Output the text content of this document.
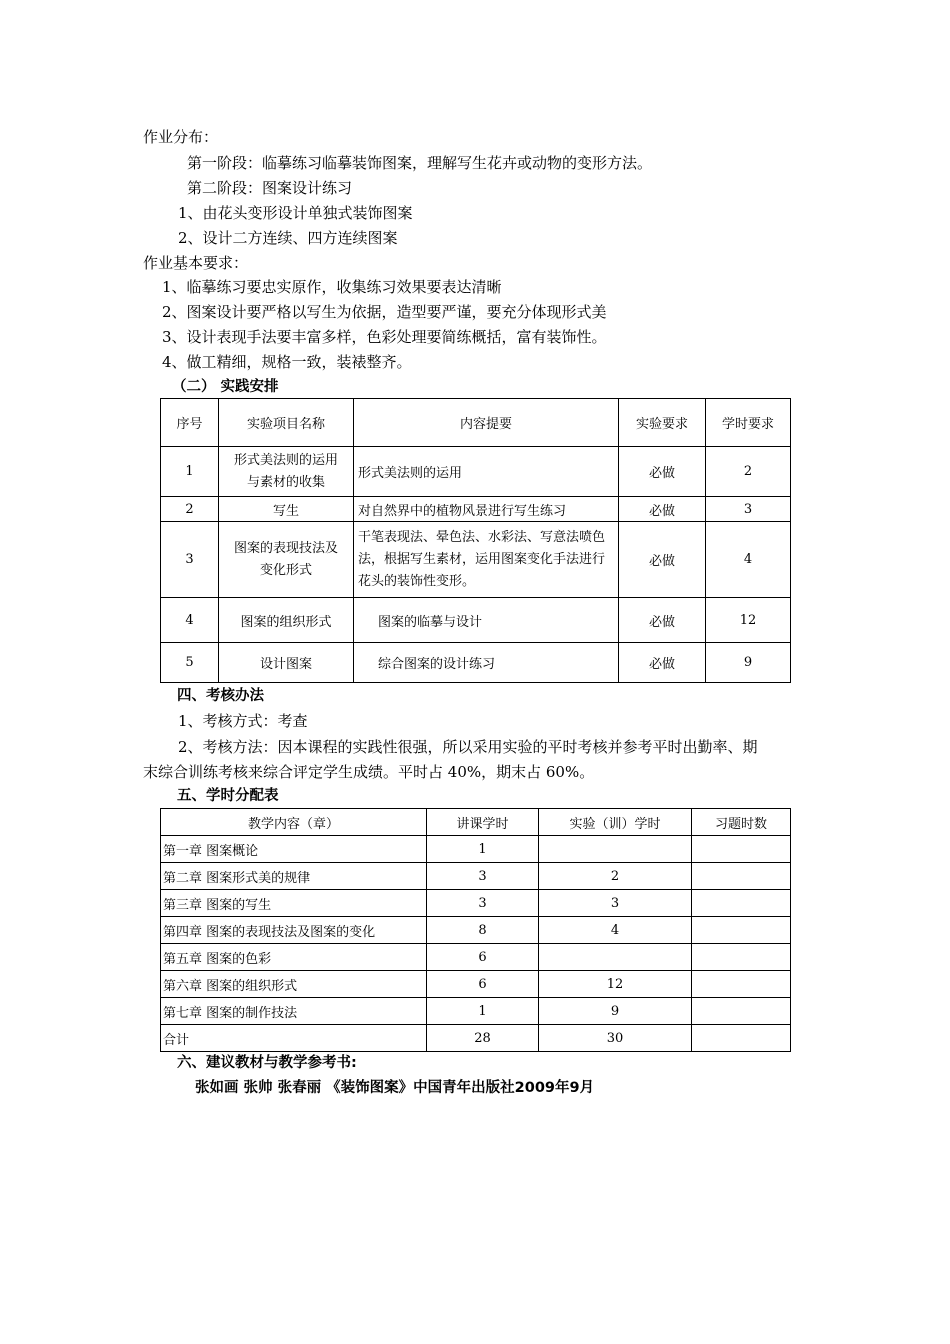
作业分布：
第一阶段：临摹练习临摹装饰图案，理解写生花卉或动物的变形方法。
第二阶段：图案设计练习
1、由花头变形设计单独式装饰图案
2、设计二方连续、四方连续图案
作业基本要求：
1、临摹练习要忠实原作，收集练习效果要表达清晰
2、图案设计要严格以写生为依据，造型要严谨，要充分体现形式美
3、设计表现手法要丰富多样，色彩处理要简练概括，富有装饰性。
4、做工精细，规格一致，装裱整齐。
（二） 实践安排
序号	实验项目名称	内容提要	实验要求	学时要求
1	形式美法则的运用与素材的收集	形式美法则的运用	必做	2
2	写生	对自然界中的植物风景进行写生练习	必做	3
3	图案的表现技法及变化形式	干笔表现法、晕色法、水彩法、写意法喷色法，根据写生素材，运用图案变化手法进行花头的装饰性变形。	必做	4
4	图案的组织形式	图案的临摹与设计	必做	12
5	设计图案	综合图案的设计练习	必做	9
四、考核办法
1、考核方式：考查
2、考核方法：因本课程的实践性很强，所以采用实验的平时考核并参考平时出勤率、期
末综合训练考核来综合评定学生成绩。平时占 40%，期末占 60%。
五、学时分配表
教学内容（章）	讲课学时	实验（训）学时	习题时数
第一章 图案概论	1		
第二章 图案形式美的规律	3	2	
第三章 图案的写生	3	3	
第四章 图案的表现技法及图案的变化	8	4	
第五章 图案的色彩	6		
第六章 图案的组织形式	6	12	
第七章 图案的制作技法	1	9	
合计	28	30	
六、建议教材与教学参考书:
张如画 张帅 张春丽 《装饰图案》中国青年出版社2009年9月
